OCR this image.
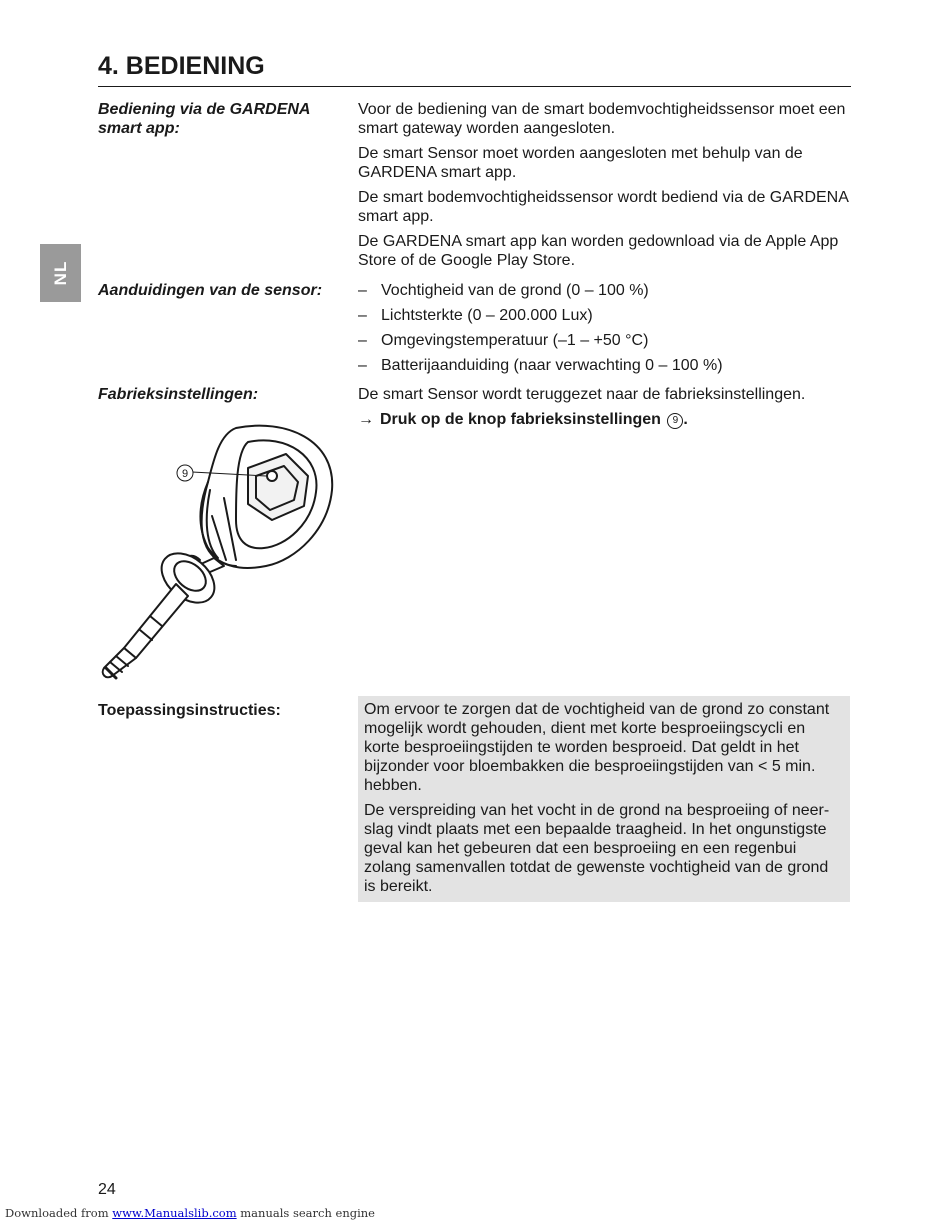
4. BEDIENING
NL
Bediening via de GARDENA smart app:

Voor de bediening van de smart bodemvochtigheidssensor moet een smart gateway worden aangesloten.

De smart Sensor moet worden aangesloten met behulp van de GARDENA smart app.

De smart bodemvochtigheidssensor wordt bediend via de GARDENA smart app.

De GARDENA smart app kan worden gedownload via de Apple App Store of de Google Play Store.

Aanduidingen van de sensor:	– Vochtigheid van de grond (0 – 100 %)
– Lichtsterkte (0 – 200.000 Lux)
– Omgevingstemperatuur (–1 – +50 °C)
– Batterijaanduiding (naar verwachting 0 – 100 %)
Fabrieksinstellingen:	De smart Sensor wordt teruggezet naar de fabrieksinstellingen.
→ Druk op de knop fabrieksinstellingen 9 .
9
Toepassingsinstructies:	Om ervoor te zorgen dat de vochtigheid van de grond zo constant mogelijk wordt gehouden, dient met korte besproeiingscycli en korte besproeiingstijden te worden besproeid. Dat geldt in het bijzonder voor bloembakken die besproeiingstijden van < 5 min. hebben.

De verspreiding van het vocht in de grond na besproeiing of neer-slag vindt plaats met een bepaalde traagheid. In het ongunstigste geval kan het gebeuren dat een besproeiing en een regenbui zolang samenvallen totdat de gewenste vochtigheid van de grond is bereikt.

24
Downloaded from www.Manualslib.com manuals search engine
